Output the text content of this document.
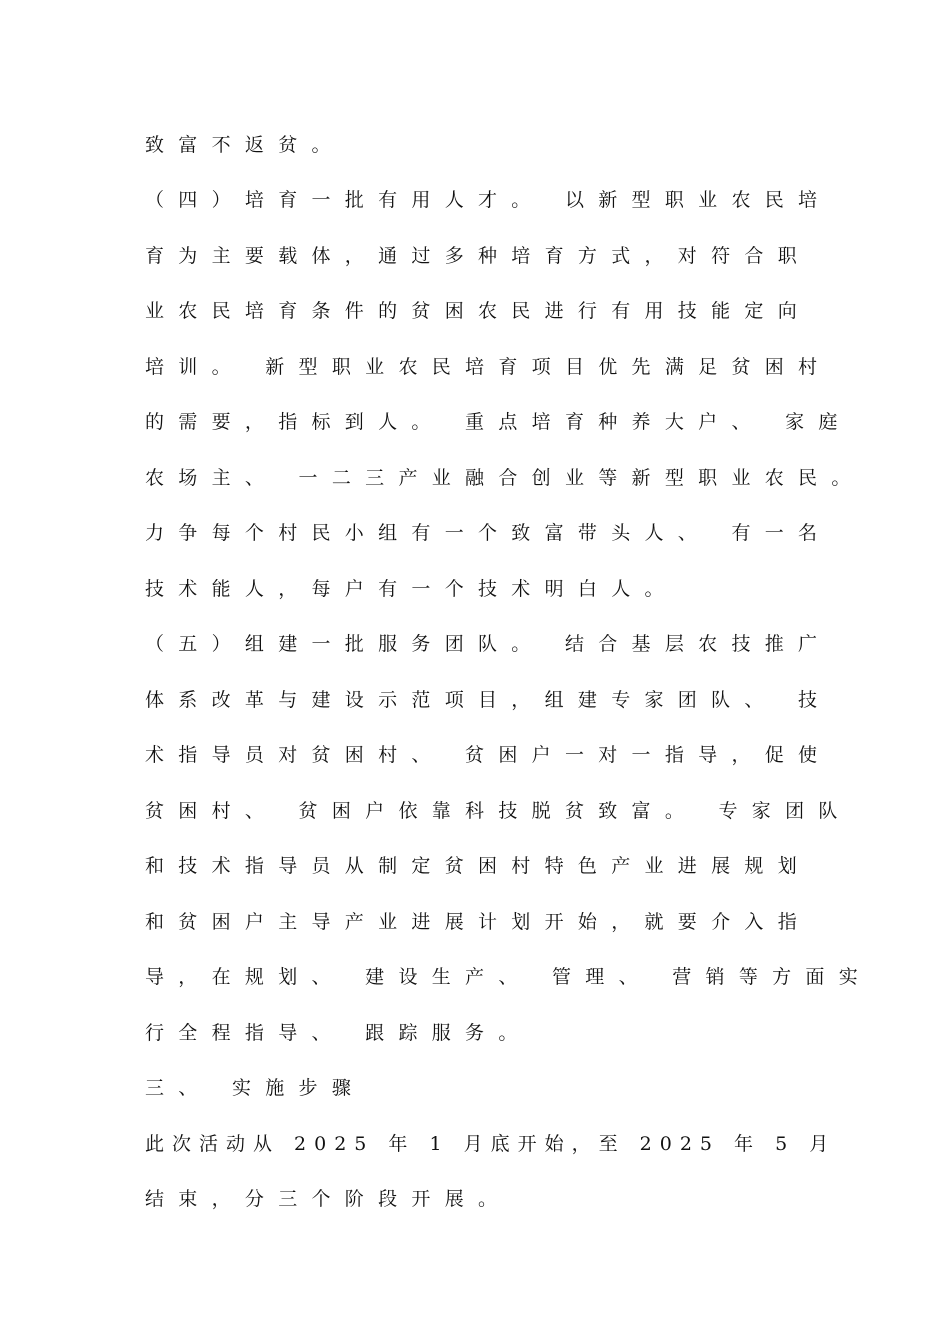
致富不返贫。
（四）培育一批有用人才。 以新型职业农民培
育为主要载体，通过多种培育方式，对符合职
业农民培育条件的贫困农民进行有用技能定向
培训。 新型职业农民培育项目优先满足贫困村
的需要，指标到人。 重点培育种养大户、 家庭
农场主、 一二三产业融合创业等新型职业农民。
力争每个村民小组有一个致富带头人、 有一名
技术能人，每户有一个技术明白人。
（五）组建一批服务团队。 结合基层农技推广
体系改革与建设示范项目，组建专家团队、 技
术指导员对贫困村、 贫困户一对一指导，促使
贫困村、 贫困户依靠科技脱贫致富。 专家团队
和技术指导员从制定贫困村特色产业进展规划
和贫困户主导产业进展计划开始，就要介入指
导，在规划、 建设生产、 管理、 营销等方面实
行全程指导、 跟踪服务。
三、 实施步骤
此次活动从 2025 年 1 月底开始，至 2025 年 5 月
结束，分三个阶段开展。
